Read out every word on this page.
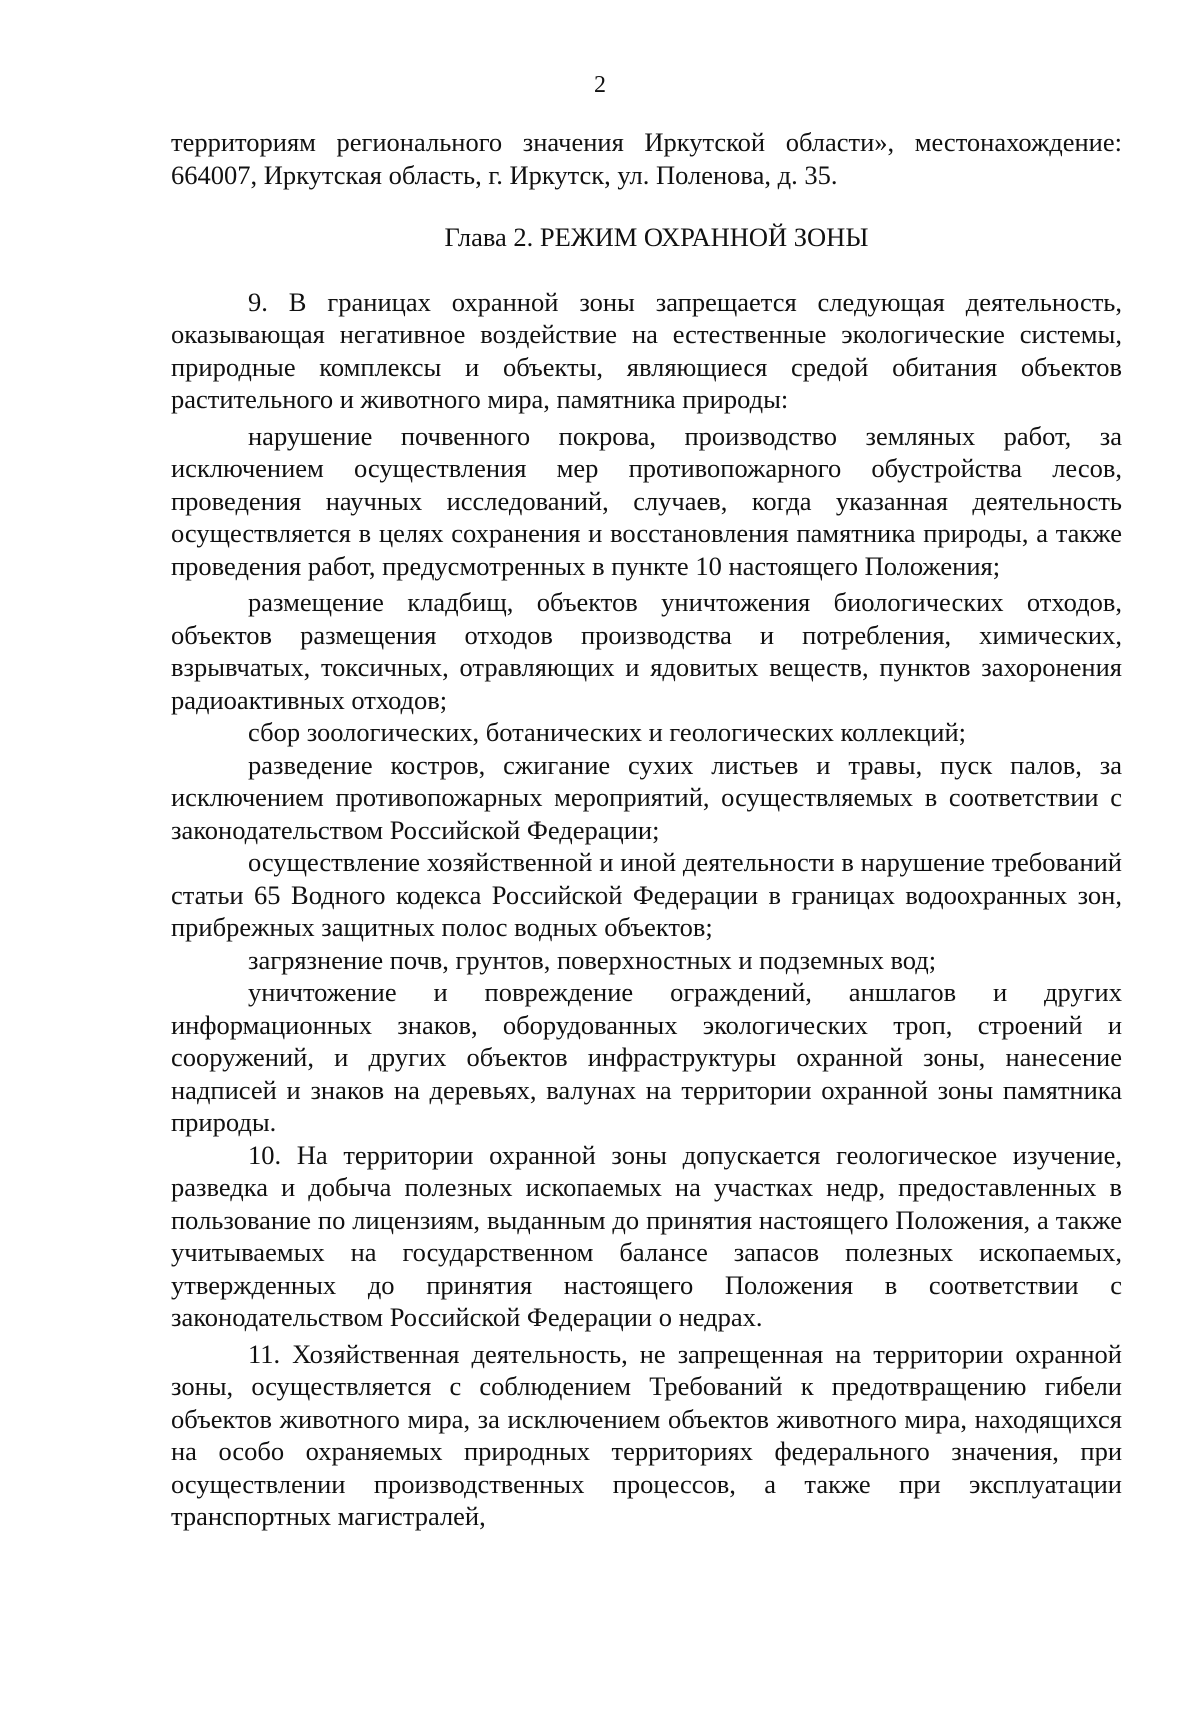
2

территориям регионального значения Иркутской области», местонахождение: 664007, Иркутская область, г. Иркутск, ул. Поленова, д. 35.

Глава 2. РЕЖИМ ОХРАННОЙ ЗОНЫ

9. В границах охранной зоны запрещается следующая деятельность, оказывающая негативное воздействие на естественные экологические системы, природные комплексы и объекты, являющиеся средой обитания объектов растительного и животного мира, памятника природы:

нарушение почвенного покрова, производство земляных работ, за исключением осуществления мер противопожарного обустройства лесов, проведения научных исследований, случаев, когда указанная деятельность осуществляется в целях сохранения и восстановления памятника природы, а также проведения работ, предусмотренных в пункте 10 настоящего Положения;

размещение кладбищ, объектов уничтожения биологических отходов, объектов размещения отходов производства и потребления, химических, взрывчатых, токсичных, отравляющих и ядовитых веществ, пунктов захоронения радиоактивных отходов;

сбор зоологических, ботанических и геологических коллекций;

разведение костров, сжигание сухих листьев и травы, пуск палов, за исключением противопожарных мероприятий, осуществляемых в соответствии с законодательством Российской Федерации;

осуществление хозяйственной и иной деятельности в нарушение требований статьи 65 Водного кодекса Российской Федерации в границах водоохранных зон, прибрежных защитных полос водных объектов;

загрязнение почв, грунтов, поверхностных и подземных вод;

уничтожение и повреждение ограждений, аншлагов и других информационных знаков, оборудованных экологических троп, строений и сооружений, и других объектов инфраструктуры охранной зоны, нанесение надписей и знаков на деревьях, валунах на территории охранной зоны памятника природы.

10. На территории охранной зоны допускается геологическое изучение, разведка и добыча полезных ископаемых на участках недр, предоставленных в пользование по лицензиям, выданным до принятия настоящего Положения, а также учитываемых на государственном балансе запасов полезных ископаемых, утвержденных до принятия настоящего Положения в соответствии с законодательством Российской Федерации о недрах.

11. Хозяйственная деятельность, не запрещенная на территории охранной зоны, осуществляется с соблюдением Требований к предотвращению гибели объектов животного мира, за исключением объектов животного мира, находящихся на особо охраняемых природных территориях федерального значения, при осуществлении производственных процессов, а также при эксплуатации транспортных магистралей,
